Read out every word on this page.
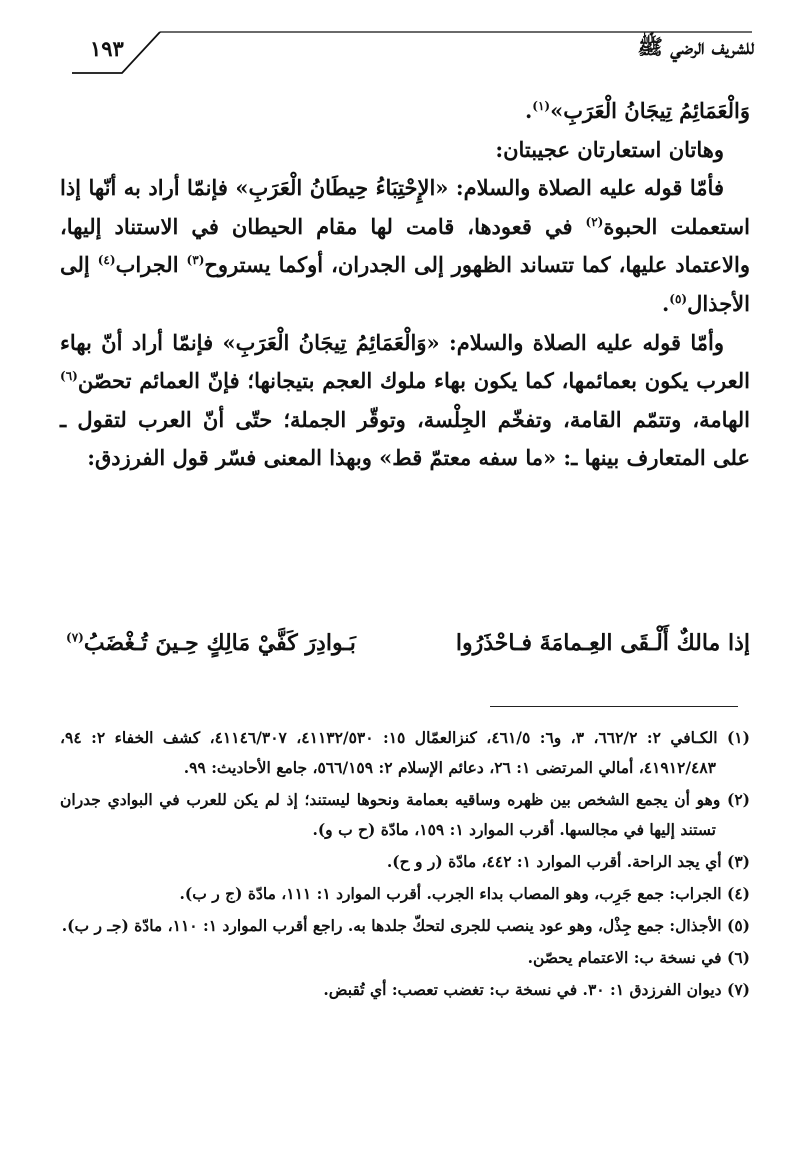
للشريف الرضي ﷺ
١٩٣

وَالْعَمَائِمُ تِيجَانُ الْعَرَبِ»$^{(١)}$.

وهاتان استعارتان عجيبتان:

فأمّا قوله عليه الصلاة والسلام: «الإِحْتِبَاءُ حِيطَانُ الْعَرَبِ» فإنمّا أراد به أنّها إذا استعملت الحبوة$^{(٢)}$ في قعودها، قامت لها مقام الحيطان في الاستناد إليها، والاعتماد عليها، كما تتساند الظهور إلى الجدران، أوكما يستروح$^{(٣)}$ الجراب$^{(٤)}$ إلى الأجذال$^{(٥)}$.

وأمّا قوله عليه الصلاة والسلام: «وَالْعَمَائِمُ تِيجَانُ الْعَرَبِ» فإنمّا أراد أنّ بهاء العرب يكون بعمائمها، كما يكون بهاء ملوك العجم بتيجانها؛ فإنّ العمائم تحصّن$^{(٦)}$ الهامة، وتتمّم القامة، وتفخّم الجِلْسة، وتوقّر الجملة؛ حتّى أنّ العرب لتقول ـ على المتعارف بينها ـ: «ما سفه معتمّ قط» وبهذا المعنى فسّر قول الفرزدق:

إذا مالكٌ أَلْـقَى العِـمامَةَ فـاحْذَرُوا
بَـوادِرَ كَفَّيْ مَالِكٍ حِـينَ تُـغْضَبُ$^{(٧)}$

(١) الكـافي ٢: ٦٦٢/٢، ٣، و٦: ٤٦١/٥، كنزالعمّال ١٥: ٤١١٣٢/٥٣٠، ٤١١٤٦/٣٠٧، كشف الخفاء ٢: ٩٤، ٤١٩١٢/٤٨٣، أمالي المرتضى ١: ٢٦، دعائم الإسلام ٢: ٥٦٦/١٥٩، جامع الأحاديث: ٩٩.

(٢) وهو أن يجمع الشخص بين ظهره وساقيه بعمامة ونحوها ليستند؛ إذ لم يكن للعرب في البوادي جدران تستند إليها في مجالسها. أقرب الموارد ١: ١٥٩، مادّة (ح ب و).

(٣) أي يجد الراحة. أقرب الموارد ١: ٤٤٢، مادّة (ر و ح).

(٤) الجراب: جمع جَرِب، وهو المصاب بداء الجرب. أقرب الموارد ١: ١١١، مادّة (ج ر ب).

(٥) الأجذال: جمع جِذْل، وهو عود ينصب للجرى لتحكّ جلدها به. راجع أقرب الموارد ١: ١١٠، مادّة (جـ ر ب).

(٦) في نسخة ب: الاعتمام يحصّن.

(٧) ديوان الفرزدق ١: ٣٠. في نسخة ب: تغضب تعصب: أي تُقبض.
